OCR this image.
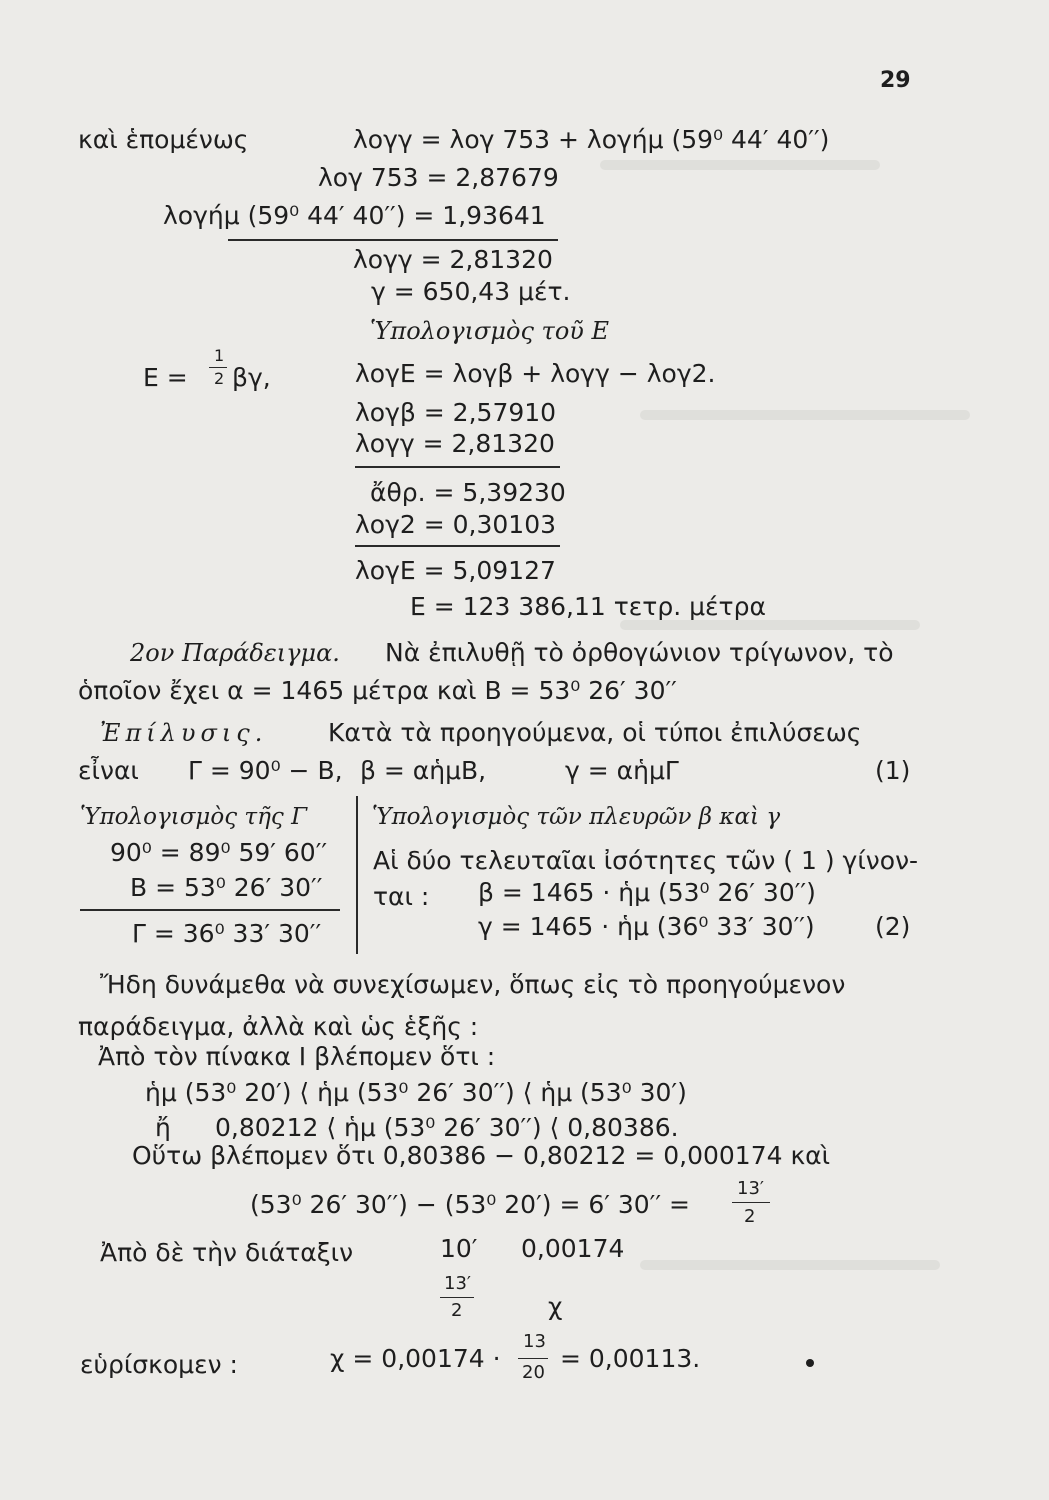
29
καὶ ἑπομένως	λογγ = λογ 753 + λογήμ (59⁰ 44′ 40′′)
λογ 753 = 2,87679
λογήμ (59⁰ 44′ 40′′) = 1,93641
λογγ = 2,81320
γ = 650,43 μέτ.
Ὑπολογισμὸς τοῦ Ε
Ε =
1
2 βγ,	λογΕ = λογβ + λογγ − λογ2.
λογβ = 2,57910
λογγ = 2,81320
ἄθρ. = 5,39230
λογ2 = 0,30103
λογΕ = 5,09127
Ε = 123 386,11 τετρ. μέτρα
2ον Παράδειγμα. Νὰ ἐπιλυθῇ τὸ ὀρθογώνιον τρίγωνον, τὸ
ὁποῖον ἔχει α = 1465 μέτρα καὶ Β = 53⁰ 26′ 30′′
Ἐπίλυσις. Κατὰ τὰ προηγούμενα, οἱ τύποι ἐπιλύσεως
εἶναι Γ = 90⁰ − Β, β = αἡμΒ,	γ = αἡμΓ	(1)
Ὑπολογισμὸς τῆς Γ
90⁰ = 89⁰ 59′ 60′′
Β = 53⁰ 26′ 30′′
Γ = 36⁰ 33′ 30′′
Ὑπολογισμὸς τῶν πλευρῶν β καὶ γ
Αἱ δύο τελευταῖαι ἰσότητες τῶν ( 1 ) γίνον-
ται : β = 1465 · ἡμ (53⁰ 26′ 30′′)
γ = 1465 · ἡμ (36⁰ 33′ 30′′) (2)
Ἤδη δυνάμεθα νὰ συνεχίσωμεν, ὅπως εἰς τὸ προηγούμενον
παράδειγμα, ἀλλὰ καὶ ὡς ἑξῆς :
Ἀπὸ τὸν πίνακα Ι βλέπομεν ὅτι :
ἡμ (53⁰ 20′) ⟨ ἡμ (53⁰ 26′ 30′′) ⟨ ἡμ (53⁰ 30′)
ἤ 0,80212 ⟨ ἡμ (53⁰ 26′ 30′′) ⟨ 0,80386.
Οὕτω βλέπομεν ὅτι 0,80386 − 0,80212 = 0,000174 καὶ
(53⁰ 26′ 30′′) − (53⁰ 20′) = 6′ 30′′ =
13′
2
Ἀπὸ δὲ τὴν διάταξιν	10′ 0,00174
13′
2	χ
εὑρίσκομεν :	χ = 0,00174 ·
13
20 = 0,00113.
